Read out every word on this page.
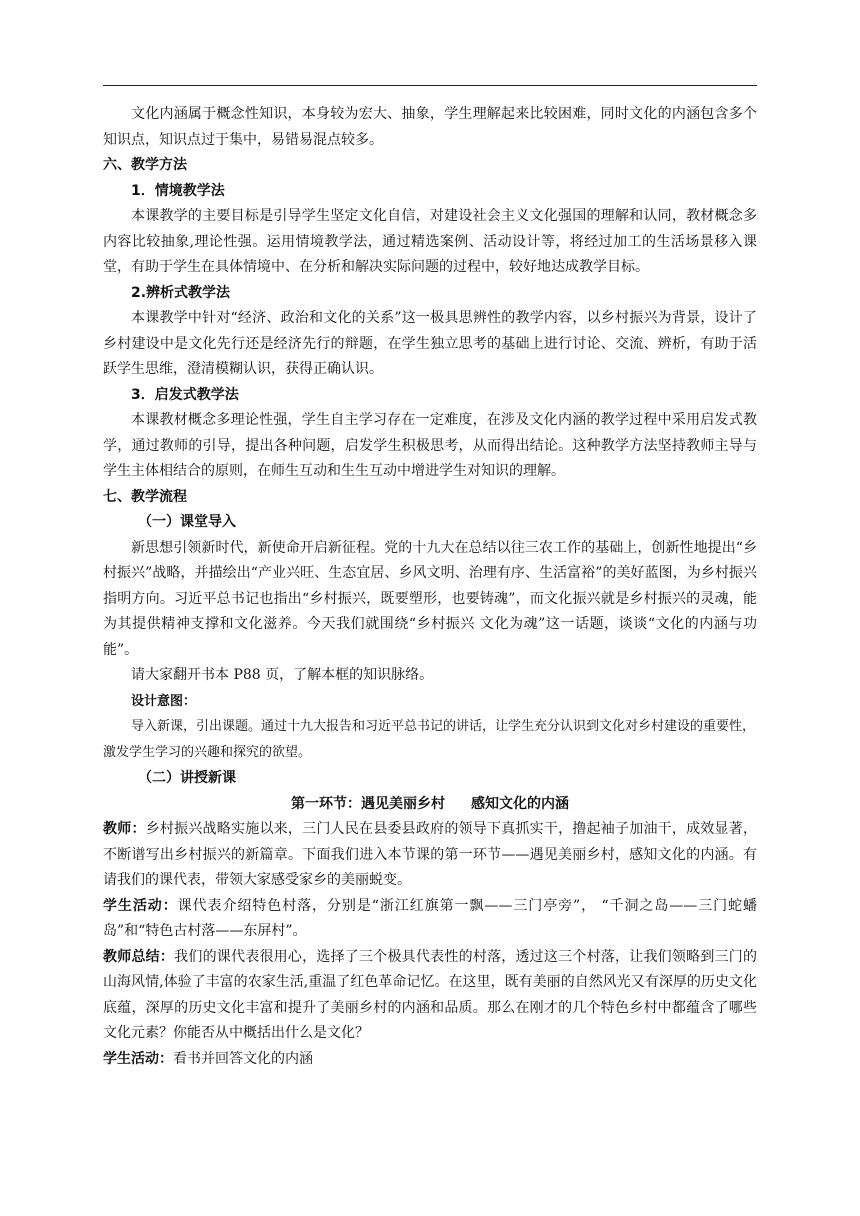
文化内涵属于概念性知识，本身较为宏大、抽象，学生理解起来比较困难，同时文化的内涵包含多个知识点，知识点过于集中，易错易混点较多。

六、教学方法

1．情境教学法

本课教学的主要目标是引导学生坚定文化自信，对建设社会主义文化强国的理解和认同，教材概念多内容比较抽象,理论性强。运用情境教学法，通过精选案例、活动设计等，将经过加工的生活场景移入课堂，有助于学生在具体情境中、在分析和解决实际问题的过程中，较好地达成教学目标。

2.辨析式教学法

本课教学中针对“经济、政治和文化的关系”这一极具思辨性的教学内容，以乡村振兴为背景，设计了乡村建设中是文化先行还是经济先行的辩题，在学生独立思考的基础上进行讨论、交流、辨析，有助于活跃学生思维，澄清模糊认识，获得正确认识。

3．启发式教学法

本课教材概念多理论性强，学生自主学习存在一定难度，在涉及文化内涵的教学过程中采用启发式教学，通过教师的引导，提出各种问题，启发学生积极思考，从而得出结论。这种教学方法坚持教师主导与学生主体相结合的原则，在师生互动和生生互动中增进学生对知识的理解。

七、教学流程

（一）课堂导入

新思想引领新时代，新使命开启新征程。党的十九大在总结以往三农工作的基础上，创新性地提出“乡村振兴”战略，并描绘出“产业兴旺、生态宜居、乡风文明、治理有序、生活富裕”的美好蓝图，为乡村振兴指明方向。习近平总书记也指出“乡村振兴，既要塑形，也要铸魂”，而文化振兴就是乡村振兴的灵魂，能为其提供精神支撑和文化滋养。今天我们就围绕“乡村振兴 文化为魂”这一话题，谈谈“文化的内涵与功能”。

请大家翻开书本 P88 页，了解本框的知识脉络。

设计意图：

导入新课，引出课题。通过十九大报告和习近平总书记的讲话，让学生充分认识到文化对乡村建设的重要性，激发学生学习的兴趣和探究的欲望。

（二）讲授新课

第一环节：遇见美丽乡村 感知文化的内涵

教师：乡村振兴战略实施以来，三门人民在县委县政府的领导下真抓实干，撸起袖子加油干，成效显著，不断谱写出乡村振兴的新篇章。下面我们进入本节课的第一环节——遇见美丽乡村，感知文化的内涵。有请我们的课代表，带领大家感受家乡的美丽蜕变。

学生活动：课代表介绍特色村落，分别是“浙江红旗第一飘——三门亭旁”， “千洞之岛——三门蛇蟠岛”和“特色古村落——东屏村”。

教师总结：我们的课代表很用心，选择了三个极具代表性的村落，透过这三个村落，让我们领略到三门的山海风情,体验了丰富的农家生活,重温了红色革命记忆。在这里，既有美丽的自然风光又有深厚的历史文化底蕴，深厚的历史文化丰富和提升了美丽乡村的内涵和品质。那么在刚才的几个特色乡村中都蕴含了哪些文化元素？你能否从中概括出什么是文化？

学生活动：看书并回答文化的内涵
